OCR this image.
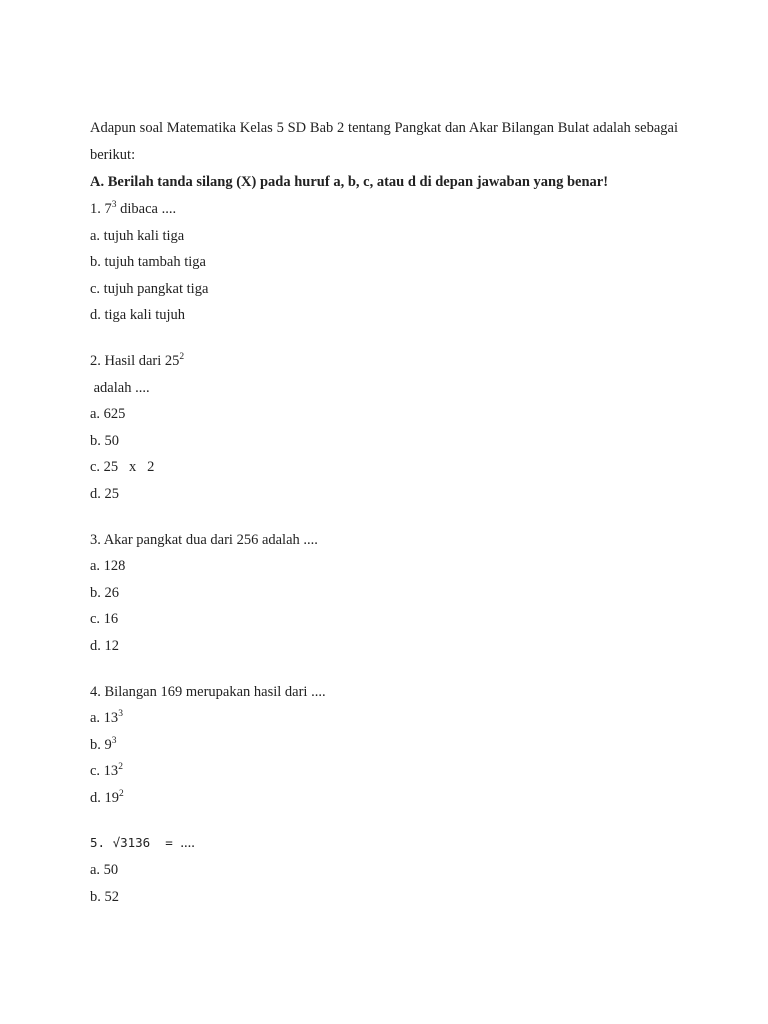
Adapun soal Matematika Kelas 5 SD Bab 2 tentang Pangkat dan Akar Bilangan Bulat adalah sebagai berikut:

A. Berilah tanda silang (X) pada huruf a, b, c, atau d di depan jawaban yang benar!

1. $7^3$ dibaca ....

a. tujuh kali tiga

b. tujuh tambah tiga

c. tujuh pangkat tiga

d. tiga kali tujuh

2. Hasil dari $25^2$

adalah ....

a. 625

b. 50

c. 25   x   2

d. 25

3. Akar pangkat dua dari 256 adalah ....

a. 128

b. 26

c. 16

d. 12

4. Bilangan 169 merupakan hasil dari ....

a. $13^3$

b. $9^3$

c. $13^2$

d. $19^2$

5. √3136  = ....

a. 50

b. 52
